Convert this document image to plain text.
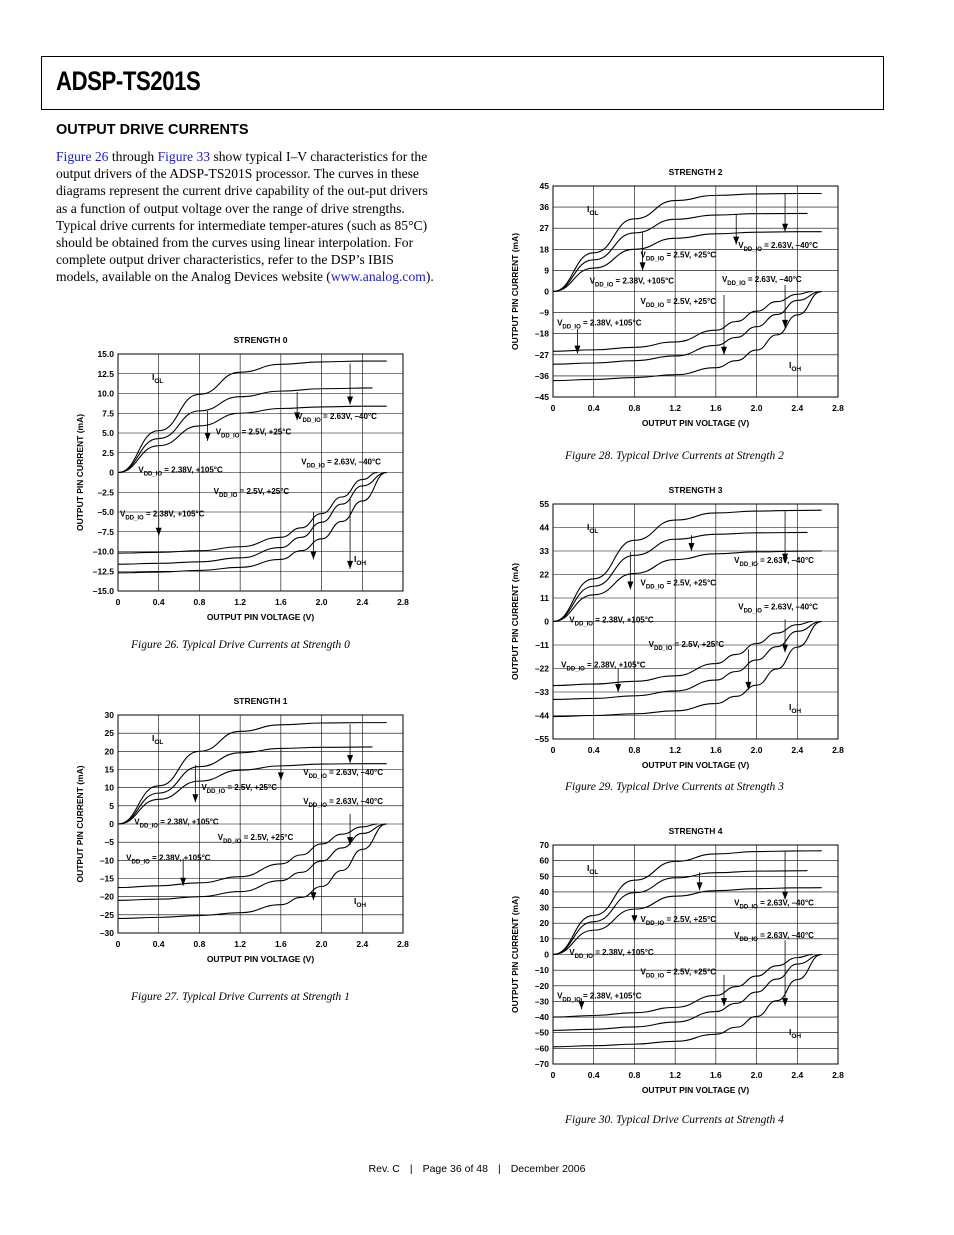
ADSP-TS201S
OUTPUT DRIVE CURRENTS
Figure 26 through Figure 33 show typical I–V characteristics for the output drivers of the ADSP-TS201S processor. The curves in these diagrams represent the current drive capability of the out-put drivers as a function of output voltage over the range of drive strengths. Typical drive currents for intermediate temper-atures (such as 85°C) should be obtained from the curves using linear interpolation. For complete output driver characteristics, refer to the DSP’s IBIS models, available on the Analog Devices website (www.analog.com).
STRENGTH 0
15.0
12.5
10.0
7.5
5.0
2.5
0
–2.5
–5.0
–7.5
–10.0
–12.5
–15.0
0	0.4	0.8	1.2	1.6	2.0	2.4	2.8
OUTPUT PIN VOLTAGE (V)
OUTPUT PIN CURRENT (mA)	$V_{DD\_IO} = 2.63V$, –40°C
$V_{DD\_IO} = 2.5V$, +25°C
$V_{DD\_IO} = 2.38V$, +105°C
$V_{DD\_IO} = 2.63V$, –40°C
$V_{DD\_IO} = 2.5V$, +25°C
$V_{DD\_IO} = 2.38V$, +105°C
$I_{OL}$
$I_{OH}$
Figure 26. Typical Drive Currents at Strength 0
STRENGTH 1
30
25
20
15
10
5
0
–5
–10
–15
–20
–25
–30
0	0.4	0.8	1.2	1.6	2.0	2.4	2.8
OUTPUT PIN VOLTAGE (V)
OUTPUT PIN CURRENT (mA)	$V_{DD\_IO} = 2.63V$, –40°C
$V_{DD\_IO} = 2.5V$, +25°C
$V_{DD\_IO} = 2.38V$, +105°C
$V_{DD\_IO} = 2.63V$, –40°C
$V_{DD\_IO} = 2.5V$, +25°C
$V_{DD\_IO} = 2.38V$, +105°C
$I_{OL}$
$I_{OH}$
Figure 27. Typical Drive Currents at Strength 1
STRENGTH 2
45
36
27
18
9
0
–9
–18
–27
–36
–45
0	0.4	0.8	1.2	1.6	2.0	2.4	2.8
OUTPUT PIN VOLTAGE (V)
OUTPUT PIN CURRENT (mA)	$V_{DD\_IO} = 2.63V$, –40°C
$V_{DD\_IO} = 2.5V$, +25°C
$V_{DD\_IO} = 2.38V$, +105°C	$V_{DD\_IO} = 2.63V$, –40°C
$V_{DD\_IO} = 2.5V$, +25°C
$V_{DD\_IO} = 2.38V$, +105°C
$I_{OL}$
$I_{OH}$
Figure 28. Typical Drive Currents at Strength 2
STRENGTH 3
55
44
33
22
11
0
–11
–22
–33
–44
–55
0	0.4	0.8	1.2	1.6	2.0	2.4	2.8
OUTPUT PIN VOLTAGE (V)
OUTPUT PIN CURRENT (mA)
$V_{DD\_IO} = 2.63V$, –40°C
$V_{DD\_IO} = 2.5V$, +25°C
$V_{DD\_IO} = 2.38V$, +105°C
$V_{DD\_IO} = 2.63V$, –40°C
$V_{DD\_IO} = 2.5V$, +25°C
$V_{DD\_IO} = 2.38V$, +105°C
$I_{OL}$
$I_{OH}$
Figure 29. Typical Drive Currents at Strength 3
STRENGTH 4
70
60
50
40
30
20
10
0
–10
–20
–30
–40
–50
–60
–70
0	0.4	0.8	1.2	1.6	2.0	2.4	2.8
OUTPUT PIN VOLTAGE (V)
OUTPUT PIN CURRENT (mA)	$V_{DD\_IO} = 2.63V$, –40°C
$V_{DD\_IO} = 2.5V$, +25°C
$V_{DD\_IO} = 2.38V$, +105°C
$V_{DD\_IO} = 2.63V$, –40°C
$V_{DD\_IO} = 2.5V$, +25°C
$V_{DD\_IO} = 2.38V$, +105°C
$I_{OL}$
$I_{OH}$
Figure 30. Typical Drive Currents at Strength 4
Rev. C | Page 36 of 48 | December 2006
